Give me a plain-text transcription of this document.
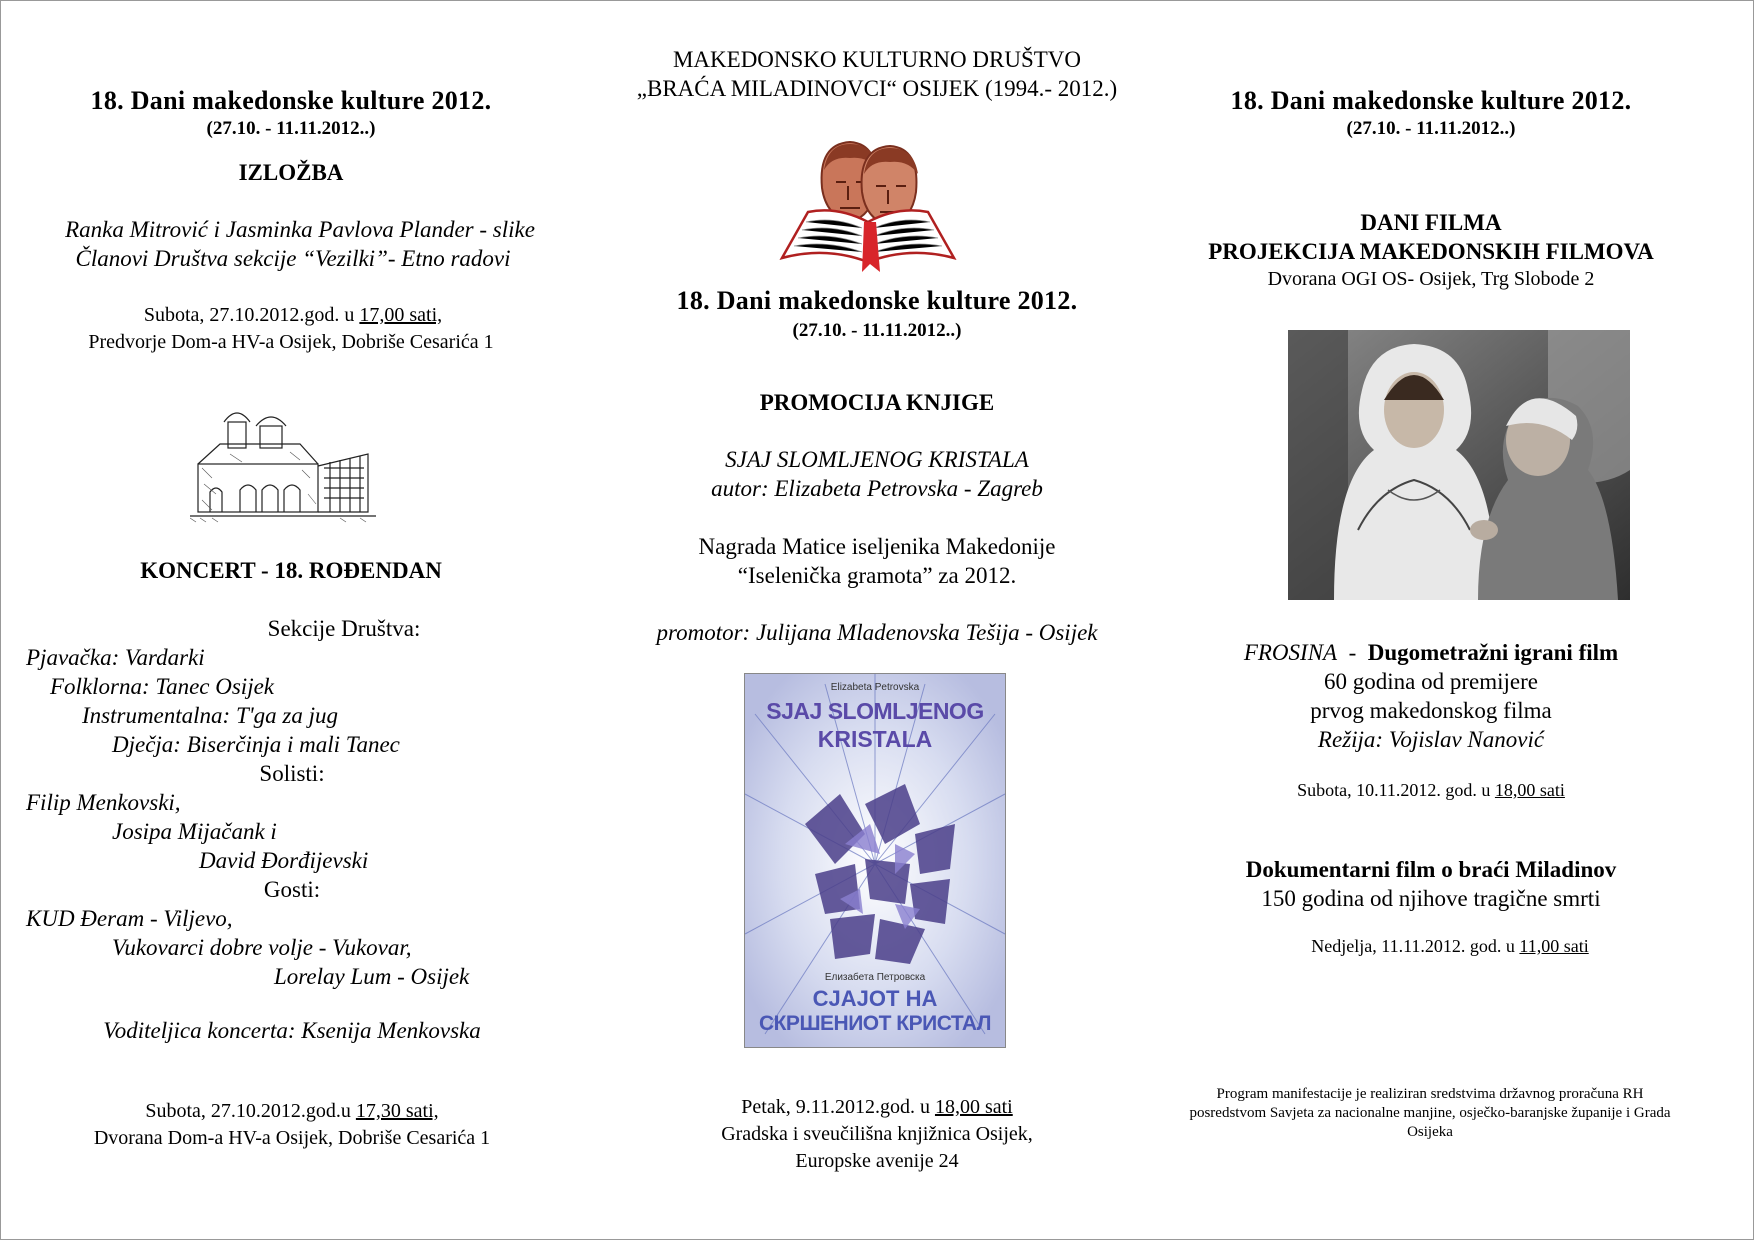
18. Dani makedonske kulture 2012.
(27.10. - 11.11.2012..)
IZLOŽBA
Ranka Mitrović i Jasminka Pavlova Plander - slike
Članovi Društva sekcije “Vezilki”- Etno radovi
Subota, 27.10.2012.god. u 17,00 sati,
Predvorje Dom-a HV-a Osijek, Dobriše Cesarića 1
KONCERT - 18. ROĐENDAN
Sekcije Društva:
Pjavačka: Vardarki
Folklorna: Tanec Osijek
Instrumentalna: T'ga za jug
Dječja: Biserčinja i mali Tanec
Solisti:
Filip Menkovski,
Josipa Mijačank i
David Đorđijevski
Gosti:
KUD Đeram - Viljevo,
Vukovarci dobre volje - Vukovar,
Lorelay Lum - Osijek
Voditeljica koncerta: Ksenija Menkovska
Subota, 27.10.2012.god.u 17,30 sati,
Dvorana Dom-a HV-a Osijek, Dobriše Cesarića 1
MAKEDONSKO KULTURNO DRUŠTVO
„BRAĆA MILADINOVCI“ OSIJEK (1994.- 2012.)
18. Dani makedonske kulture 2012.
(27.10. - 11.11.2012..)
PROMOCIJA KNJIGE
SJAJ SLOMLJENOG KRISTALA
autor: Elizabeta Petrovska - Zagreb
Nagrada Matice iseljenika Makedonije
“Iselenička gramota” za 2012.
promotor: Julijana Mladenovska Tešija - Osijek
Elizabeta Petrovska
SJAJ SLOMLJENOG
KRISTALA
Елизабета Петровска
СЈАЈОТ НА
СКРШЕНИОТ КРИСТАЛ
Petak, 9.11.2012.god. u 18,00 sati
Gradska i sveučilišna knjižnica Osijek,
Europske avenije 24
18. Dani makedonske kulture 2012.
(27.10. - 11.11.2012..)
DANI FILMA
PROJEKCIJA MAKEDONSKIH FILMOVA
Dvorana OGI OS- Osijek, Trg Slobode 2
FROSINA  -  Dugometražni igrani film
60 godina od premijere
prvog makedonskog filma
Režija: Vojislav Nanović
Subota, 10.11.2012. god. u 18,00 sati
Dokumentarni film o braći Miladinov
150 godina od njihove tragične smrti
Nedjelja, 11.11.2012. god. u 11,00 sati
Program manifestacije je realiziran sredstvima državnog proračuna RH posredstvom Savjeta za nacionalne manjine, osječko-baranjske županije i Grada Osijeka
